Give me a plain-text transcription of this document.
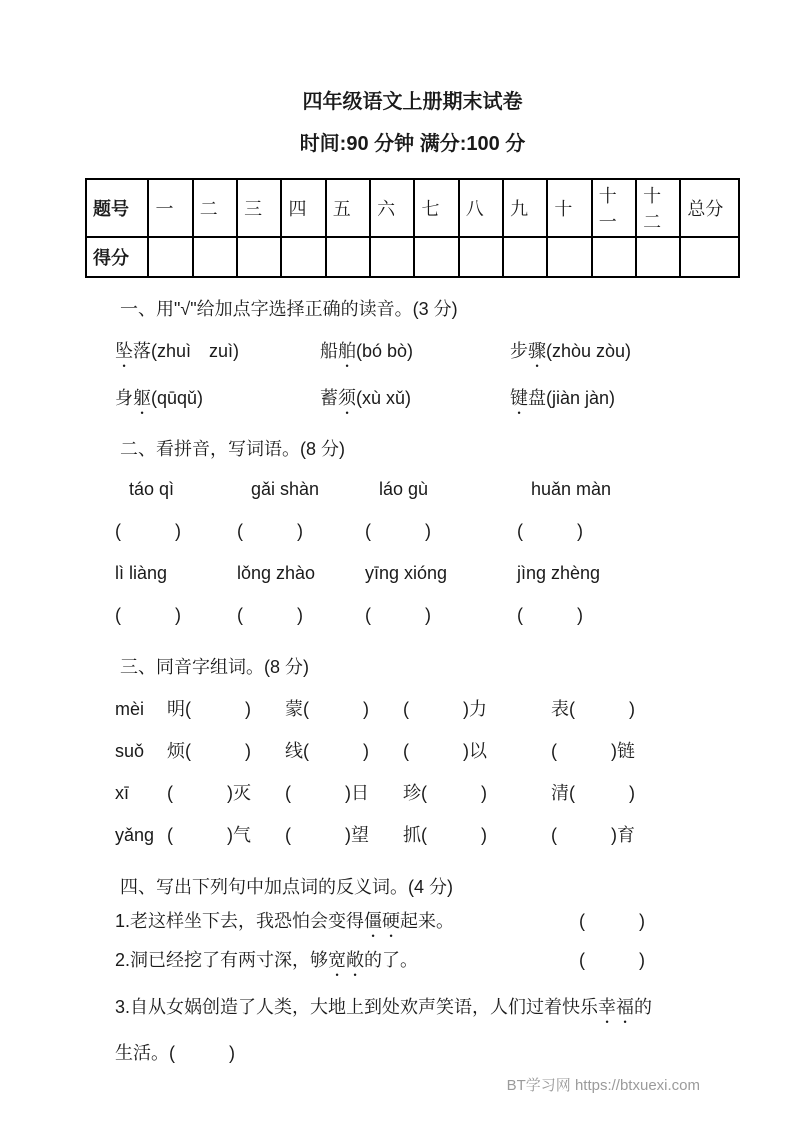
四年级语文上册期末试卷
时间:90 分钟 满分:100 分
题号	一	二	三	四	五	六	七	八	九	十	十一	十二	总分
得分													

一、用"√"给加点字选择正确的读音。(3 分)

坠落(zhuì　zuì)	船舶(bó bò)	步骤(zhòu zòu)
身躯(qūqǔ)	蓄须(xù xǔ)	键盘(jiàn jàn)

二、看拼音，写词语。(8 分)

táo qì	gǎi shàn	láo gù	huǎn màn
(　　　)	(　　　)	(　　　)	(　　　)
lì liàng	lǒng zhào	yīng xióng	jìng zhèng
(　　　)	(　　　)	(　　　)	(　　　)

三、同音字组词。(8 分)

mèi	明(　　　)	蒙(　　　)	(　　　)力	表(　　　)
suǒ	烦(　　　)	线(　　　)	(　　　)以	(　　　)链
xī	(　　　)灭	(　　　)日	珍(　　　)	清(　　　)
yǎng (　　　)气	(　　　)望	抓(　　　)	(　　　)育

四、写出下列句中加点词的反义词。(4 分)

1.老这样坐下去，我恐怕会变得僵硬起来。	(　　　)
2.洞已经挖了有两寸深，够宽敞的了。	(　　　)

3.自从女娲创造了人类，大地上到处欢声笑语，人们过着快乐幸福的生活。(　　　)

BT学习网 https://btxuexi.com
